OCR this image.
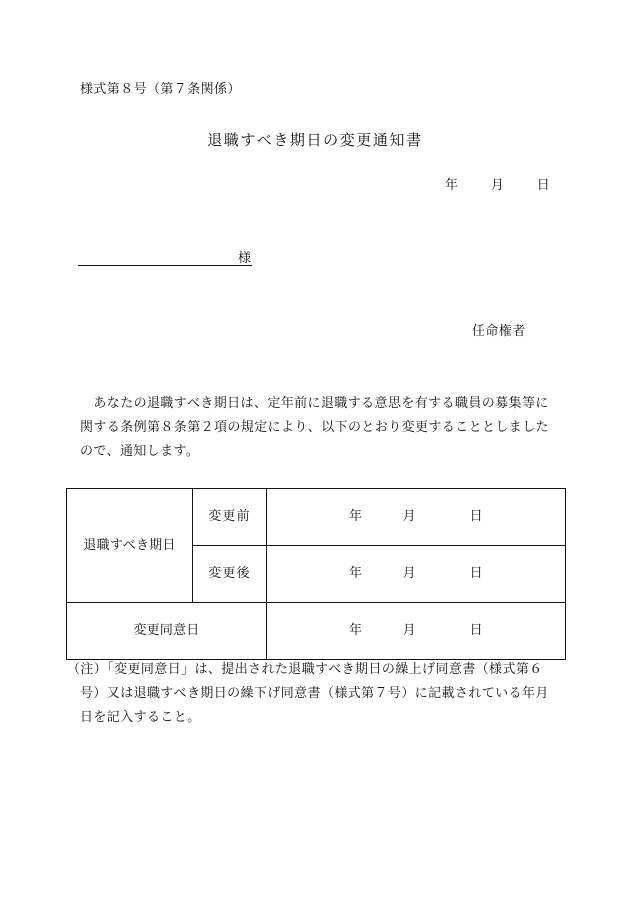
様式第８号（第７条関係）
退職すべき期日の変更通知書
年　　月　　日
様
任命権者
　あなたの退職すべき期日は、定年前に退職する意思を有する職員の募集等に
関する条例第８条第２項の規定により、以下のとおり変更することとしました
ので、通知します。
退職すべき期日	変更前	年　　　月　　　　日
	変更後	年　　　月　　　　日
変更同意日		年　　　月　　　　日
（注）「変更同意日」は、提出された退職すべき期日の繰上げ同意書（様式第６
号）又は退職すべき期日の繰下げ同意書（様式第７号）に記載されている年月
日を記入すること。
